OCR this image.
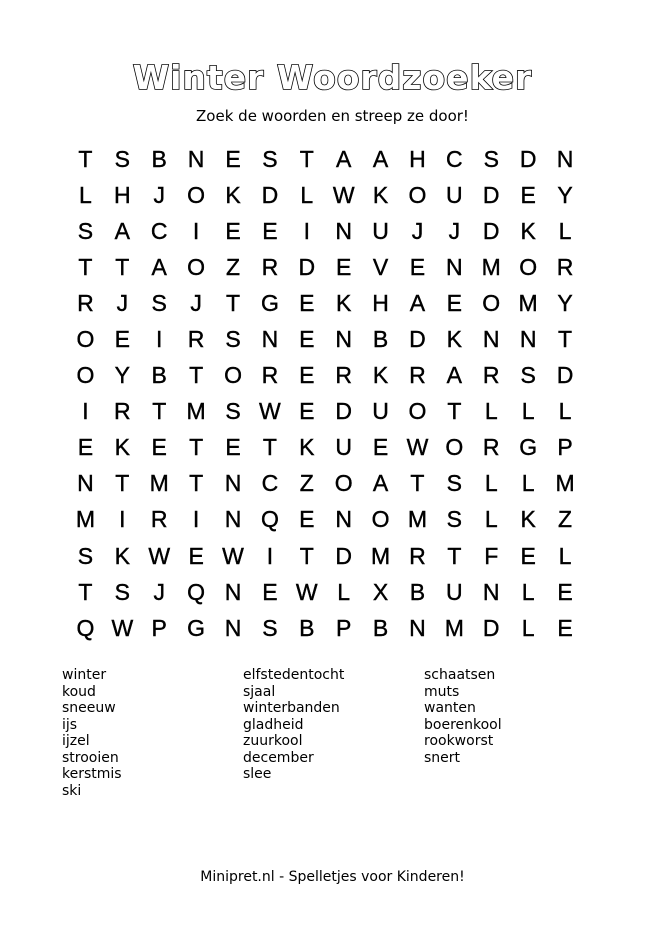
Winter Woordzoeker
Zoek de woorden en streep ze door!
T S B N E S T A A H C S D N
L H J O K D L W K O U D E Y
S A C	I	E E	I	N U J	J D K L
T T A O Z R D E V E N M O R
R J	S	J	T G E K H A E O M Y
O E	I	R S N E N B D K N N T
O Y B T O R E R K R A R S D
I	R T M S W E D U O T	L	L	L
E K E T E T K U E W O R G P
N T M T N C Z O A T S L	L M
M	I	R	I	N Q E N O M S L K Z
S K W E W I	T D M R T F E L
T S	J Q N E W L X B U N L E
Q W P G N S B P B N M D L E
winter
koud
sneeuw
ijs
ijzel
strooien
kerstmis
ski
elfstedentocht
sjaal
winterbanden
gladheid
zuurkool
december
slee
schaatsen
muts
wanten
boerenkool
rookworst
snert
Minipret.nl - Spelletjes voor Kinderen!
